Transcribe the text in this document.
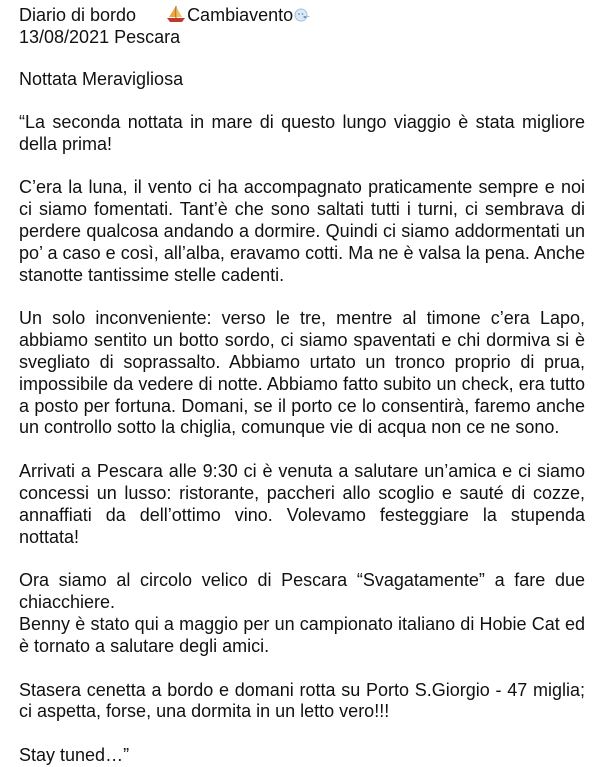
Diario di bordo	Cambiavento
13/08/2021 Pescara
Nottata Meravigliosa

“La seconda nottata in mare di questo lungo viaggio è stata migliore della prima!

C’era la luna, il vento ci ha accompagnato praticamente sempre e noi ci siamo fomentati. Tant’è che sono saltati tutti i turni, ci sembrava di perdere qualcosa andando a dormire. Quindi ci siamo addormentati un po’ a caso e così, all’alba, eravamo cotti. Ma ne è valsa la pena. Anche stanotte tantissime stelle cadenti.

Un solo inconveniente: verso le tre, mentre al timone c’era Lapo, abbiamo sentito un botto sordo, ci siamo spaventati e chi dormiva si è svegliato di soprassalto. Abbiamo urtato un tronco proprio di prua, impossibile da vedere di notte. Abbiamo fatto subito un check, era tutto a posto per fortuna. Domani, se il porto ce lo consentirà, faremo anche un controllo sotto la chiglia, comunque vie di acqua non ce ne sono.

Arrivati a Pescara alle 9:30 ci è venuta a salutare un’amica e ci siamo concessi un lusso: ristorante, paccheri allo scoglio e sauté di cozze, annaffiati da dell’ottimo vino. Volevamo festeggiare la stupenda nottata!

Ora siamo al circolo velico di Pescara “Svagatamente” a fare due chiacchiere.

Benny è stato qui a maggio per un campionato italiano di Hobie Cat ed è tornato a salutare degli amici.

Stasera cenetta a bordo e domani rotta su Porto S.Giorgio - 47 miglia; ci aspetta, forse, una dormita in un letto vero!!!

Stay tuned…”
